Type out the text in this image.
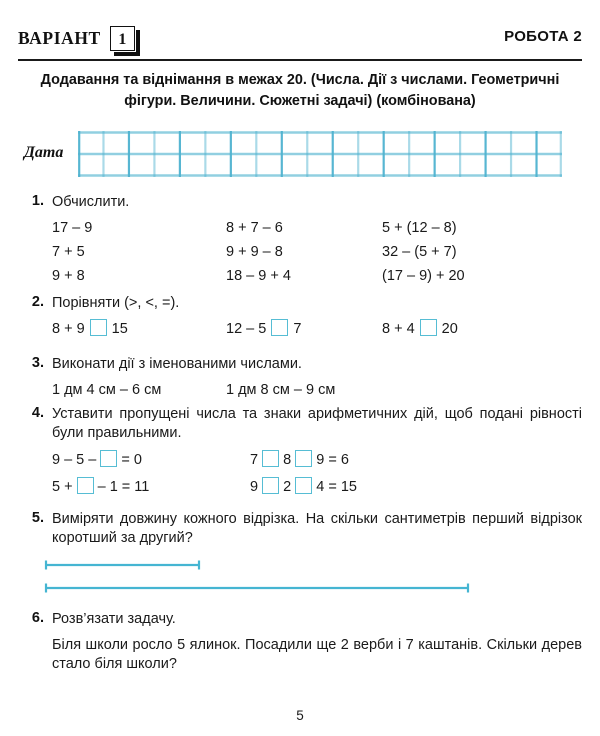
ВАРІАНТ	1	РОБОТА 2
Додавання та віднімання в межах 20. (Числа. Дії з числами. Геометричні фігури. Величини. Сюжетні задачі) (комбінована)
Дата
1. Обчислити.
17 – 9	8 + 7 – 6	5 + (12 – 8)
7 + 5	9 + 9 – 8	32 – (5 + 7)
9 + 8	18 – 9 + 4	(17 – 9) + 20
2. Порівняти (>, <, =).
8 + 9 15	12 – 5 7	8 + 4 20
3. Виконати дії з іменованими числами.
1 дм 4 см – 6 см	1 дм 8 см – 9 см
4. Уставити пропущені числа та знаки арифметичних дій, щоб подані рівності були правильними.
9 – 5 –  = 0	7  8  9 = 6
5 +  – 1 = 11	9  2  4 = 15
5. Виміряти довжину кожного відрізка. На скільки сантиметрів перший відрізок коротший за другий?
6. Розв’язати задачу.
Біля школи росло 5 ялинок. Посадили ще 2 верби і 7 каштанів. Скільки дерев стало біля школи?
5
